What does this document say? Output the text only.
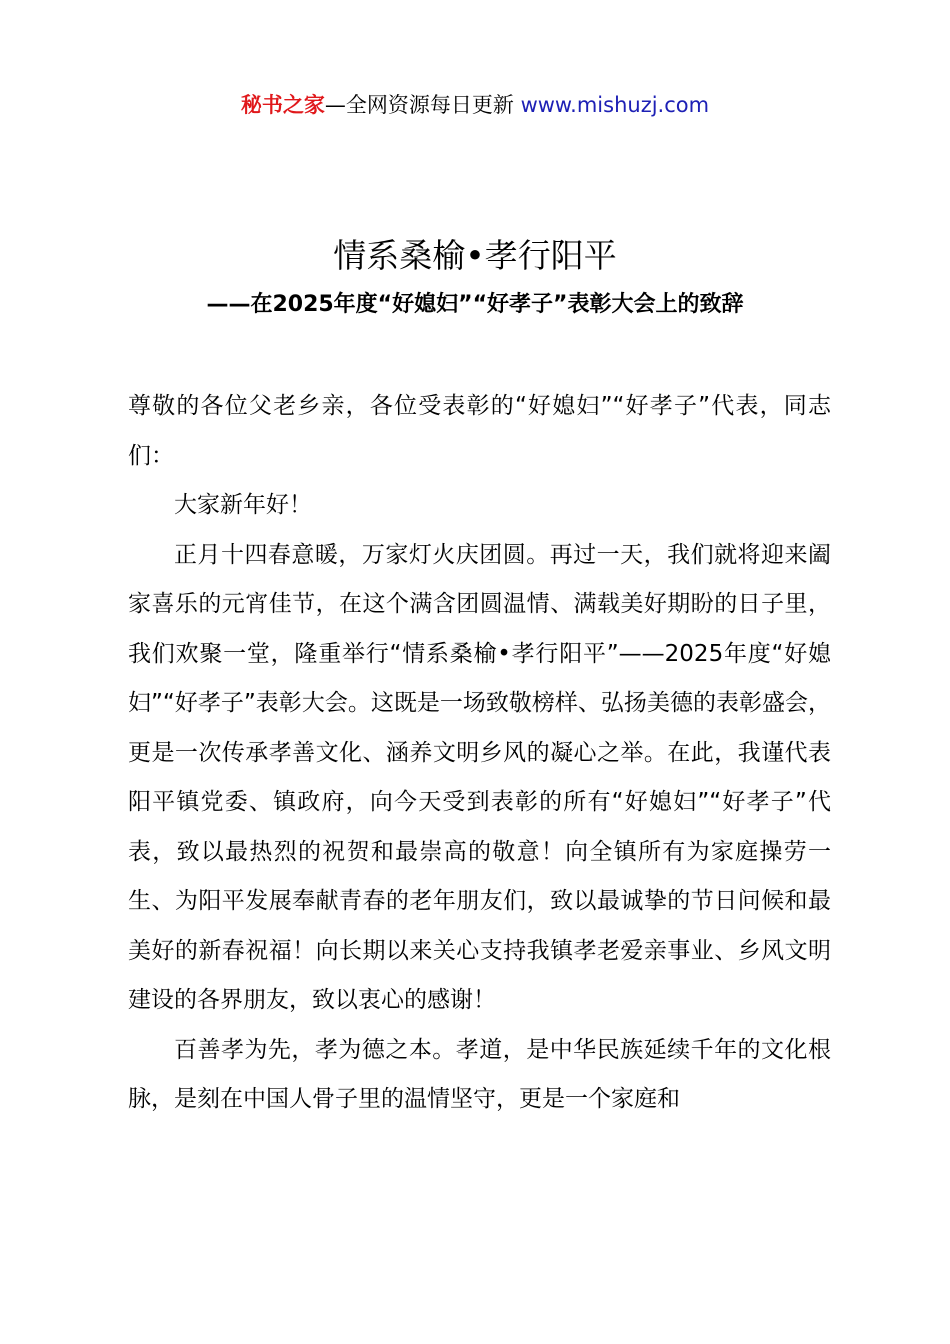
秘书之家—全网资源每日更新 www.mishuzj.com
情系桑榆•孝行阳平
——在2025年度“好媳妇”“好孝子”表彰大会上的致辞

尊敬的各位父老乡亲，各位受表彰的“好媳妇”“好孝子”代表，同志们：

大家新年好！

正月十四春意暖，万家灯火庆团圆。再过一天，我们就将迎来阖家喜乐的元宵佳节，在这个满含团圆温情、满载美好期盼的日子里，我们欢聚一堂，隆重举行“情系桑榆•孝行阳平”——2025年度“好媳妇”“好孝子”表彰大会。这既是一场致敬榜样、弘扬美德的表彰盛会，更是一次传承孝善文化、涵养文明乡风的凝心之举。在此，我谨代表阳平镇党委、镇政府，向今天受到表彰的所有“好媳妇”“好孝子”代表，致以最热烈的祝贺和最崇高的敬意！向全镇所有为家庭操劳一生、为阳平发展奉献青春的老年朋友们，致以最诚挚的节日问候和最美好的新春祝福！向长期以来关心支持我镇孝老爱亲事业、乡风文明建设的各界朋友，致以衷心的感谢！

百善孝为先，孝为德之本。孝道，是中华民族延续千年的文化根脉，是刻在中国人骨子里的温情坚守，更是一个家庭和
